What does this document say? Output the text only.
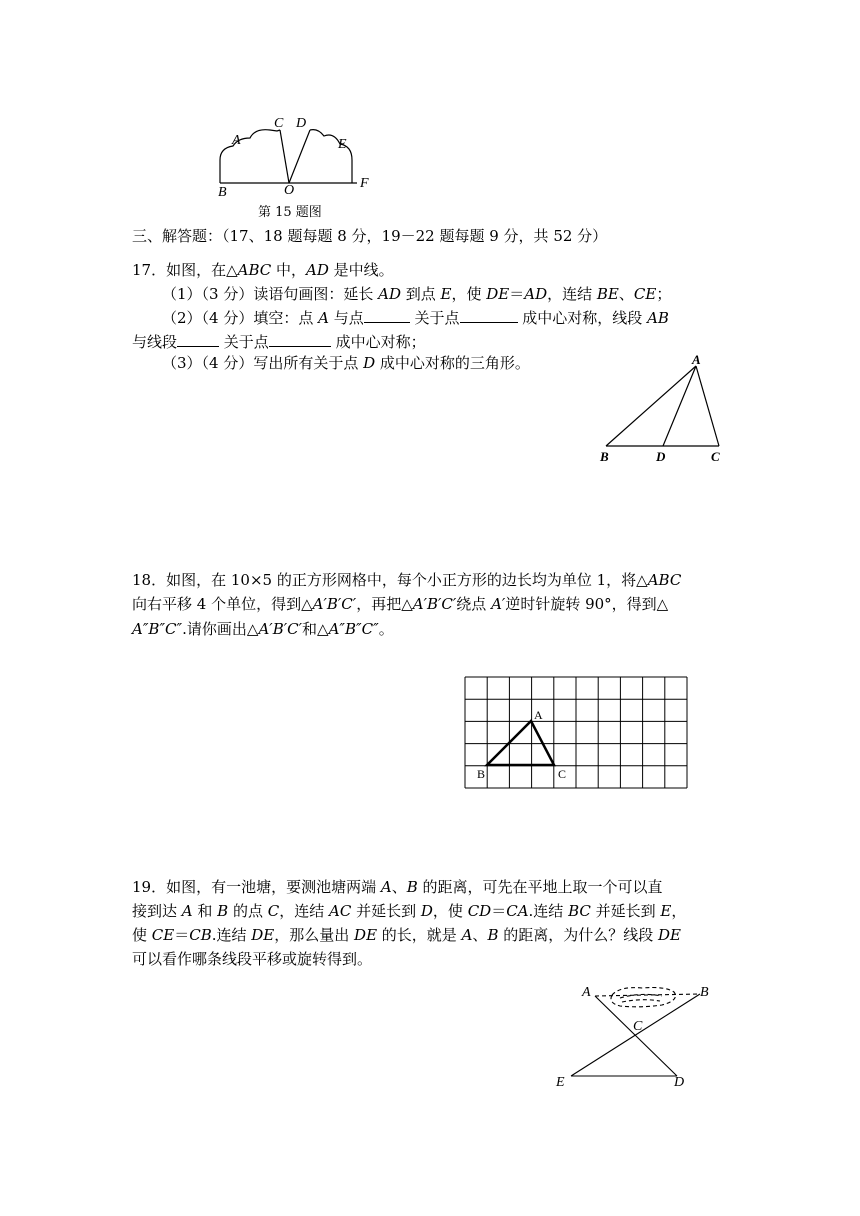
A
B
C D
E
F
O
第 15 题图
三、解答题：（17、18 题每题 8 分，19－22 题每题 9 分，共 52 分）
17．如图，在△ABC 中，AD 是中线。
（1）（3 分）读语句画图：延长 AD 到点 E，使 DE＝AD，连结 BE、CE；
（2）（4 分）填空：点 A 与点	关于点	成中心对称，线段 AB
与线段	关于点	成中心对称；
（3）（4 分）写出所有关于点 D 成中心对称的三角形。	A
B	D	C
18．如图，在 10×5 的正方形网格中，每个小正方形的边长均为单位 1，将△ABC
向右平移 4 个单位，得到△A′B′C′，再把△A′B′C′绕点 A′逆时针旋转 90°，得到△
A″B″C″.请你画出△A′B′C′和△A″B″C″。
A
B	C
19．如图，有一池塘，要测池塘两端 A、B 的距离，可先在平地上取一个可以直
接到达 A 和 B 的点 C，连结 AC 并延长到 D，使 CD＝CA.连结 BC 并延长到 E，
使 CE＝CB.连结 DE，那么量出 DE 的长，就是 A、B 的距离，为什么？线段 DE
可以看作哪条线段平移或旋转得到。
A	B
C
D
E
